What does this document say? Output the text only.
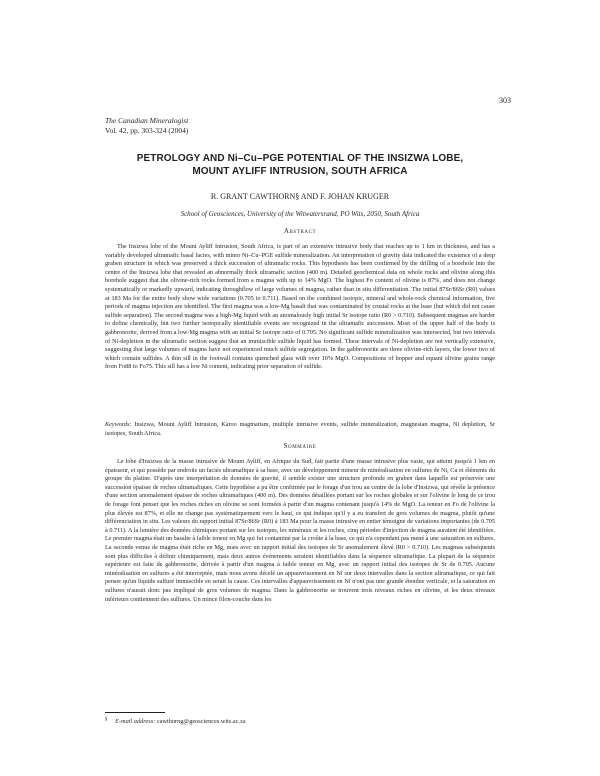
303
The Canadian Mineralogist
Vol. 42, pp. 303-324 (2004)
PETROLOGY AND Ni–Cu–PGE POTENTIAL OF THE INSIZWA LOBE,
MOUNT AYLIFF INTRUSION, SOUTH AFRICA
R. GRANT CAWTHORN§ AND F. JOHAN KRUGER
School of Geosciences, University of the Witwatersrand, PO Wits, 2050, South Africa
Abstract

The Insizwa lobe of the Mount Ayliff Intrusion, South Africa, is part of an extensive intrusive body that reaches up to 1 km in thickness, and has a variably developed ultramafic basal facies, with minor Ni–Cu–PGE sulfide mineralization. An interpretation of gravity data indicated the existence of a deep graben structure in which was preserved a thick succession of ultramafic rocks. This hypothesis has been confirmed by the drilling of a borehole into the centre of the Insizwa lobe that revealed an abnormally thick ultramafic section (400 m). Detailed geochemical data on whole rocks and olivine along this borehole suggest that the olivine-rich rocks formed from a magma with up to 14% MgO. The highest Fo content of olivine is 87%, and does not change systematically or markedly upward, indicating throughflow of large volumes of magma, rather than in situ differentiation. The initial 87Sr/86Sr (R0) values at 183 Ma for the entire body show wide variations (0.705 to 0.711). Based on the combined isotopic, mineral and whole-rock chemical information, five periods of magma injection are identified. The first magma was a low-Mg basalt that was contaminated by crustal rocks at the base (but which did not cause sulfide separation). The second magma was a high-Mg liquid with an anomalously high initial Sr isotope ratio (R0 > 0.710). Subsequent magmas are harder to define chemically, but two further isotopically identifiable events are recognized in the ultramafic succession. Most of the upper half of the body is gabbronorite, derived from a low-Mg magma with an initial Sr isotope ratio of 0.705. No significant sulfide mineralization was intersected, but two intervals of Ni-depletion in the ultramafic section suggest that an immiscible sulfide liquid has formed. These intervals of Ni-depletion are not vertically extensive, suggesting that large volumes of magma have not experienced much sulfide segregation. In the gabbronorite are three olivine-rich layers, the lower two of which contain sulfides. A thin sill in the footwall contains quenched glass with over 10% MgO. Compositions of hopper and equant olivine grains range from Fo88 to Fo75. This sill has a low Ni content, indicating prior separation of sulfide.

Keywords: Insizwa, Mount Ayliff Intrusion, Karoo magmatism, multiple intrusive events, sulfide mineralization, magnesian magma, Ni depletion, Sr isotopes, South Africa.

Sommaire

Le lobe d'Insizwa de la masse intrusive de Mount Ayliff, en Afrique du Sud, fait partie d'une masse intrusive plus vaste, qui atteint jusqu'à 1 km en épaisseur, et qui possède par endroits un faciès ultramafique à sa base, avec un développement mineur de minéralisation en sulfures de Ni, Cu et éléments du groupe du platine. D'après une interprétation de données de gravité, il semble exister une structure profonde en graben dans laquelle est préservée une succession épaisse de roches ultramafiques. Cette hypothèse a pu être confirmée par le forage d'un trou au centre de la lobe d'Insizwa, qui révèle la présence d'une section anomalement épaisse de roches ultramafiques (400 m). Des données détaillées portant sur les roches globales et sur l'olivine le long de ce trou de forage font penser que les roches riches en olivine se sont formées à partir d'un magma contenant jusqu'à 14% de MgO. La teneur en Fo de l'olivine la plus élevée est 87%, et elle ne change pas systématiquement vers le haut, ce qui indique qu'il y a eu transfert de gros volumes de magma, plutôt qu'une différenciation in situ. Les valeurs du rapport initial 87Sr/86Sr (R0) à 183 Ma pour la masse intrusive en entier témoigne de variations importantes (de 0.705 à 0.711). A la lumière des données chimiques portant sur les isotopes, les minéraux et les roches, cinq périodes d'injection de magma auraient été identifiées. Le premier magma était un basalte à faible teneur en Mg qui fut contaminé par la croûte à la base, ce qui n'a cependant pas mené à une saturation en sulfures. La seconde venue de magma était riche en Mg, mais avec un rapport initial des isotopes de Sr anomalement élevé (R0 > 0.710). Les magmas subséquents sont plus difficiles à définir chimiquement, mais deux autres événements seraient identifiables dans la séquence ultramafique. La plupart de la séquence supérieure est faite de gabbronorite, dérivée à partir d'un magma à faible teneur en Mg, avec un rapport initial des isotopes de Sr de 0.705. Aucune minéralisation en sulfures a été interceptée, mais nous avons décelé un appauvrissement en Ni sur deux intervalles dans la section ultramafique, ce qui fait penser qu'un liquide sulfuré immiscible en serait la cause. Ces intervalles d'appauvrissement en Ni n'ont pas une grande étendue verticale, et la saturation en sulfures n'aurait donc pas impliqué de gros volumes de magma. Dans la gabbronorite se trouvent trois niveaux riches en olivine, et les deux niveaux inférieurs contiennent des sulfures. Un mince filon-couche dans les

§ E-mail address: cawthorng@geosciences.wits.ac.za
